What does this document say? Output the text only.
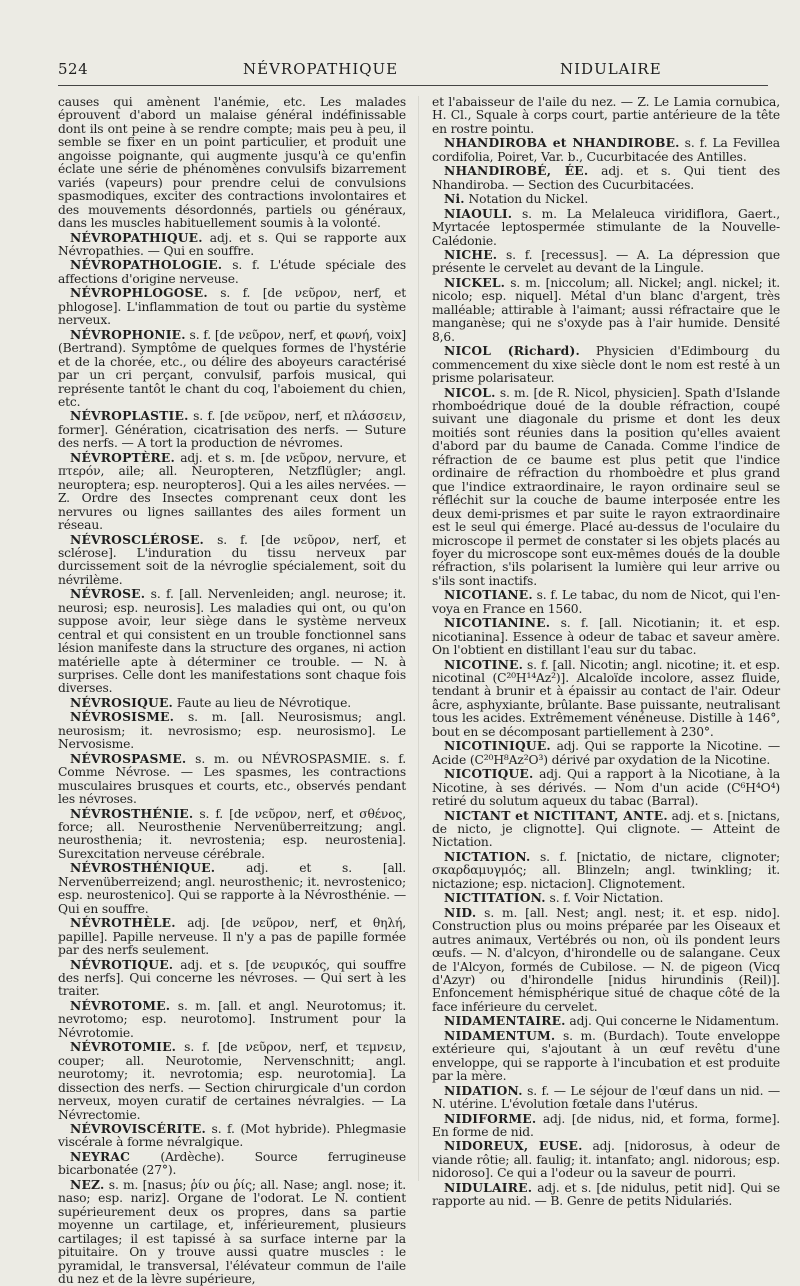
524	NÉVROPATHIQUE	NIDULAIRE

causes qui amènent l'anémie, etc. Les malades éprouvent d'abord un malaise général indéfinissable dont ils ont peine à se rendre compte; mais peu à peu, il semble se fixer en un point particulier, et produit une angoisse poignante, qui augmente jusqu'à ce qu'enfin éclate une série de phénomènes convulsifs bizarrement variés (vapeurs) pour prendre celui de convulsions spasmodiques, exciter des contractions involontaires et des mouvements désordonnés, partiels ou généraux, dans les muscles habituellement soumis à la volonté.

NÉVROPATHIQUE. adj. et s. Qui se rapporte aux Névropathies. — Qui en souffre.

NÉVROPATHOLOGIE. s. f. L'étude spéciale des affections d'origine nerveuse.

NÉVROPHLOGOSE. s. f. [de νεῦρον, nerf, et phlogose]. L'inflammation de tout ou partie du système nerveux.

NÉVROPHONIE. s. f. [de νεῦρον, nerf, et φωνή, voix] (Bertrand). Symptôme de quelques formes de l'hystérie et de la chorée, etc., ou délire des aboyeurs caractérisé par un cri perçant, convulsif, parfois musical, qui représente tantôt le chant du coq, l'aboiement du chien, etc.

NÉVROPLASTIE. s. f. [de νεῦρον, nerf, et πλάσσειν, former]. Génération, cicatrisation des nerfs. — Suture des nerfs. — A tort la production de névromes.

NÉVROPTÈRE. adj. et s. m. [de νεῦρον, nervure, et πτερόν, aile; all. Neuropteren, Netzflügler; angl. neuroptera; esp. neuropteros]. Qui a les ailes nervées. — Z. Ordre des Insectes comprenant ceux dont les nervures ou lignes saillantes des ailes forment un réseau.

NÉVROSCLÉROSE. s. f. [de νεῦρον, nerf, et sclérose]. L'induration du tissu nerveux par durcissement soit de la névroglie spécialement, soit du névrilème.

NÉVROSE. s. f. [all. Nervenleiden; angl. neurose; it. neurosi; esp. neurosis]. Les maladies qui ont, ou qu'on suppose avoir, leur siège dans le système nerveux central et qui consistent en un trouble fonctionnel sans lésion manifeste dans la structure des organes, ni action matérielle apte à déterminer ce trouble. — N. à surprises. Celle dont les manifestations sont chaque fois diverses.

NÉVROSIQUE. Faute au lieu de Névrotique.

NÉVROSISME. s. m. [all. Neurosismus; angl. neurosism; it. nevrosismo; esp. neurosismo]. Le Nervosisme.

NÉVROSPASME. s. m. ou NÉVROSPASMIE. s. f. Comme Névrose. — Les spasmes, les contractions musculaires brusques et courts, etc., observés pendant les névroses.

NÉVROSTHÉNIE. s. f. [de νεῦρον, nerf, et σθένος, force; all. Neurosthenie Nervenüberreitzung; angl. neurosthenia; it. nevrostenia; esp. neurostenia]. Surexcitation nerveuse cérébrale.

NÉVROSTHÉNIQUE. adj. et s. [all. Nervenüberreizend; angl. neurosthenic; it. nevrostenico; esp. neurostenico]. Qui se rapporte à la Névrosthénie. — Qui en souffre.

NÉVROTHÈLE. adj. [de νεῦρον, nerf, et θηλή, papille]. Papille nerveuse. Il n'y a pas de papille formée par des nerfs seulement.

NÉVROTIQUE. adj. et s. [de νευρικός, qui souffre des nerfs]. Qui concerne les névroses. — Qui sert à les traiter.

NÉVROTOME. s. m. [all. et angl. Neurotomus; it. nevrotomo; esp. neurotomo]. Instrument pour la Névrotomie.

NÉVROTOMIE. s. f. [de νεῦρον, nerf, et τεμνειν, couper; all. Neurotomie, Nervenschnitt; angl. neurotomy; it. nevrotomia; esp. neurotomia]. La dissection des nerfs. — Section chirurgicale d'un cordon nerveux, moyen curatif de certaines névralgies. — La Névrectomie.

NÉVROVISCÉRITE. s. f. (Mot hybride). Phlegmasie viscérale à forme névralgique.

NEYRAC (Ardèche). Source ferrugineuse bicarbonatée (27°).

NEZ. s. m. [nasus; ῥίν ou ῥίς; all. Nase; angl. nose; it. naso; esp. nariz]. Organe de l'odorat. Le N. contient supérieurement deux os propres, dans sa partie moyenne un cartilage, et, inférieurement, plusieurs cartilages; il est tapissé à sa surface interne par la pituitaire. On y trouve aussi quatre muscles : le pyramidal, le transversal, l'élévateur commun de l'aile du nez et de la lèvre supérieure,

et l'abaisseur de l'aile du nez. — Z. Le Lamia cornubica, H. Cl., Squale à corps court, partie antérieure de la tête en rostre pointu.

NHANDIROBA et NHANDIROBE. s. f. La Fevillea cordifolia, Poiret, Var. b., Cucurbitacée des Antilles.

NHANDIROBÉ, ÉE. adj. et s. Qui tient des Nhandiroba. — Section des Cucurbitacées.

Ni. Notation du Nickel.

NIAOULI. s. m. La Melaleuca viridiflora, Gaert., Myrtacée leptospermée stimulante de la Nouvelle-Calédonie.

NICHE. s. f. [recessus]. — A. La dépression que présente le cervelet au devant de la Lingule.

NICKEL. s. m. [niccolum; all. Nickel; angl. nickel; it. nicolo; esp. niquel]. Métal d'un blanc d'argent, très malléable; attirable à l'aimant; aussi réfractaire que le manganèse; qui ne s'oxyde pas à l'air humide. Densité 8,6.

NICOL (Richard). Physicien d'Edimbourg du commencement du xixe siècle dont le nom est resté à un prisme polarisateur.

NICOL. s. m. [de R. Nicol, physicien]. Spath d'Islande rhomboédrique doué de la double réfraction, coupé suivant une diagonale du prisme et dont les deux moitiés sont réunies dans la position qu'elles avaient d'abord par du baume de Canada. Comme l'indice de réfraction de ce baume est plus petit que l'indice ordinaire de réfraction du rhomboèdre et plus grand que l'indice extraordinaire, le rayon ordinaire seul se réfléchit sur la couche de baume interposée entre les deux demi-prismes et par suite le rayon extraordinaire est le seul qui émerge. Placé au-dessus de l'oculaire du microscope il permet de constater si les objets placés au foyer du microscope sont eux-mêmes doués de la double réfraction, s'ils polarisent la lumière qui leur arrive ou s'ils sont inactifs.

NICOTIANE. s. f. Le tabac, du nom de Nicot, qui l'en-voya en France en 1560.

NICOTIANINE. s. f. [all. Nicotianin; it. et esp. nicotianina]. Essence à odeur de tabac et saveur amère. On l'obtient en distillant l'eau sur du tabac.

NICOTINE. s. f. [all. Nicotin; angl. nicotine; it. et esp. nicotinal (C²⁰H¹⁴Az²)]. Alcaloïde incolore, assez fluide, tendant à brunir et à épaissir au contact de l'air. Odeur âcre, asphyxiante, brûlante. Base puissante, neutralisant tous les acides. Extrêmement vénéneuse. Distille à 146°, bout en se décomposant partiellement à 230°.

NICOTINIQUE. adj. Qui se rapporte la Nicotine. — Acide (C²⁰H⁸Az²O³) dérivé par oxydation de la Nicotine.

NICOTIQUE. adj. Qui a rapport à la Nicotiane, à la Nicotine, à ses dérivés. — Nom d'un acide (C⁶H⁴O⁴) retiré du solutum aqueux du tabac (Barral).

NICTANT et NICTITANT, ANTE. adj. et s. [nictans, de nicto, je clignotte]. Qui clignote. — Atteint de Nictation.

NICTATION. s. f. [nictatio, de nictare, clignoter; σκαρδαμυγμός; all. Blinzeln; angl. twinkling; it. nictazione; esp. nictacion]. Clignotement.

NICTITATION. s. f. Voir Nictation.

NID. s. m. [all. Nest; angl. nest; it. et esp. nido]. Construction plus ou moins préparée par les Oiseaux et autres animaux, Vertébrés ou non, où ils pondent leurs œufs. — N. d'alcyon, d'hirondelle ou de salangane. Ceux de l'Alcyon, formés de Cubilose. — N. de pigeon (Vicq d'Azyr) ou d'hirondelle [nidus hirundinis (Reil)]. Enfoncement hémisphérique situé de chaque côté de la face inférieure du cervelet.

NIDAMENTAIRE. adj. Qui concerne le Nidamentum.

NIDAMENTUM. s. m. (Burdach). Toute enveloppe extérieure qui, s'ajoutant à un œuf revêtu d'une enveloppe, qui se rapporte à l'incubation et est produite par la mère.

NIDATION. s. f. — Le séjour de l'œuf dans un nid. — N. utérine. L'évolution fœtale dans l'utérus.

NIDIFORME. adj. [de nidus, nid, et forma, forme]. En forme de nid.

NIDOREUX, EUSE. adj. [nidorosus, à odeur de viande rôtie; all. faulig; it. intanfato; angl. nidorous; esp. nidoroso]. Ce qui a l'odeur ou la saveur de pourri.

NIDULAIRE. adj. et s. [de nidulus, petit nid]. Qui se rapporte au nid. — B. Genre de petits Nidulariés.
